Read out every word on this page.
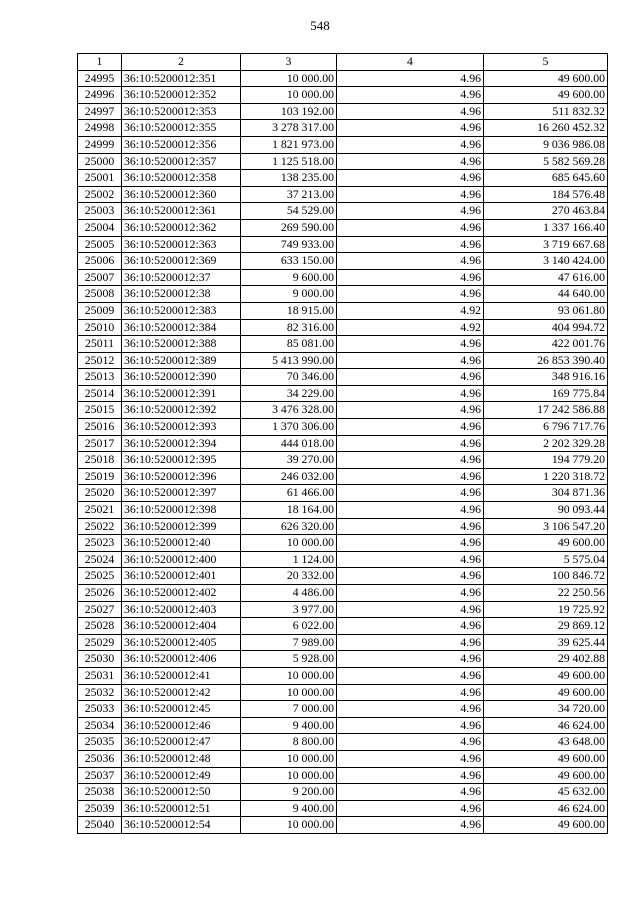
548
1	2	3	4	5
24995	36:10:5200012:351	10 000.00	4.96	49 600.00
24996	36:10:5200012:352	10 000.00	4.96	49 600.00
24997	36:10:5200012:353	103 192.00	4.96	511 832.32
24998	36:10:5200012:355	3 278 317.00	4.96	16 260 452.32
24999	36:10:5200012:356	1 821 973.00	4.96	9 036 986.08
25000	36:10:5200012:357	1 125 518.00	4.96	5 582 569.28
25001	36:10:5200012:358	138 235.00	4.96	685 645.60
25002	36:10:5200012:360	37 213.00	4.96	184 576.48
25003	36:10:5200012:361	54 529.00	4.96	270 463.84
25004	36:10:5200012:362	269 590.00	4.96	1 337 166.40
25005	36:10:5200012:363	749 933.00	4.96	3 719 667.68
25006	36:10:5200012:369	633 150.00	4.96	3 140 424.00
25007	36:10:5200012:37	9 600.00	4.96	47 616.00
25008	36:10:5200012:38	9 000.00	4.96	44 640.00
25009	36:10:5200012:383	18 915.00	4.92	93 061.80
25010	36:10:5200012:384	82 316.00	4.92	404 994.72
25011	36:10:5200012:388	85 081.00	4.96	422 001.76
25012	36:10:5200012:389	5 413 990.00	4.96	26 853 390.40
25013	36:10:5200012:390	70 346.00	4.96	348 916.16
25014	36:10:5200012:391	34 229.00	4.96	169 775.84
25015	36:10:5200012:392	3 476 328.00	4.96	17 242 586.88
25016	36:10:5200012:393	1 370 306.00	4.96	6 796 717.76
25017	36:10:5200012:394	444 018.00	4.96	2 202 329.28
25018	36:10:5200012:395	39 270.00	4.96	194 779.20
25019	36:10:5200012:396	246 032.00	4.96	1 220 318.72
25020	36:10:5200012:397	61 466.00	4.96	304 871.36
25021	36:10:5200012:398	18 164.00	4.96	90 093.44
25022	36:10:5200012:399	626 320.00	4.96	3 106 547.20
25023	36:10:5200012:40	10 000.00	4.96	49 600.00
25024	36:10:5200012:400	1 124.00	4.96	5 575.04
25025	36:10:5200012:401	20 332.00	4.96	100 846.72
25026	36:10:5200012:402	4 486.00	4.96	22 250.56
25027	36:10:5200012:403	3 977.00	4.96	19 725.92
25028	36:10:5200012:404	6 022.00	4.96	29 869.12
25029	36:10:5200012:405	7 989.00	4.96	39 625.44
25030	36:10:5200012:406	5 928.00	4.96	29 402.88
25031	36:10:5200012:41	10 000.00	4.96	49 600.00
25032	36:10:5200012:42	10 000.00	4.96	49 600.00
25033	36:10:5200012:45	7 000.00	4.96	34 720.00
25034	36:10:5200012:46	9 400.00	4.96	46 624.00
25035	36:10:5200012:47	8 800.00	4.96	43 648.00
25036	36:10:5200012:48	10 000.00	4.96	49 600.00
25037	36:10:5200012:49	10 000.00	4.96	49 600.00
25038	36:10:5200012:50	9 200.00	4.96	45 632.00
25039	36:10:5200012:51	9 400.00	4.96	46 624.00
25040	36:10:5200012:54	10 000.00	4.96	49 600.00
